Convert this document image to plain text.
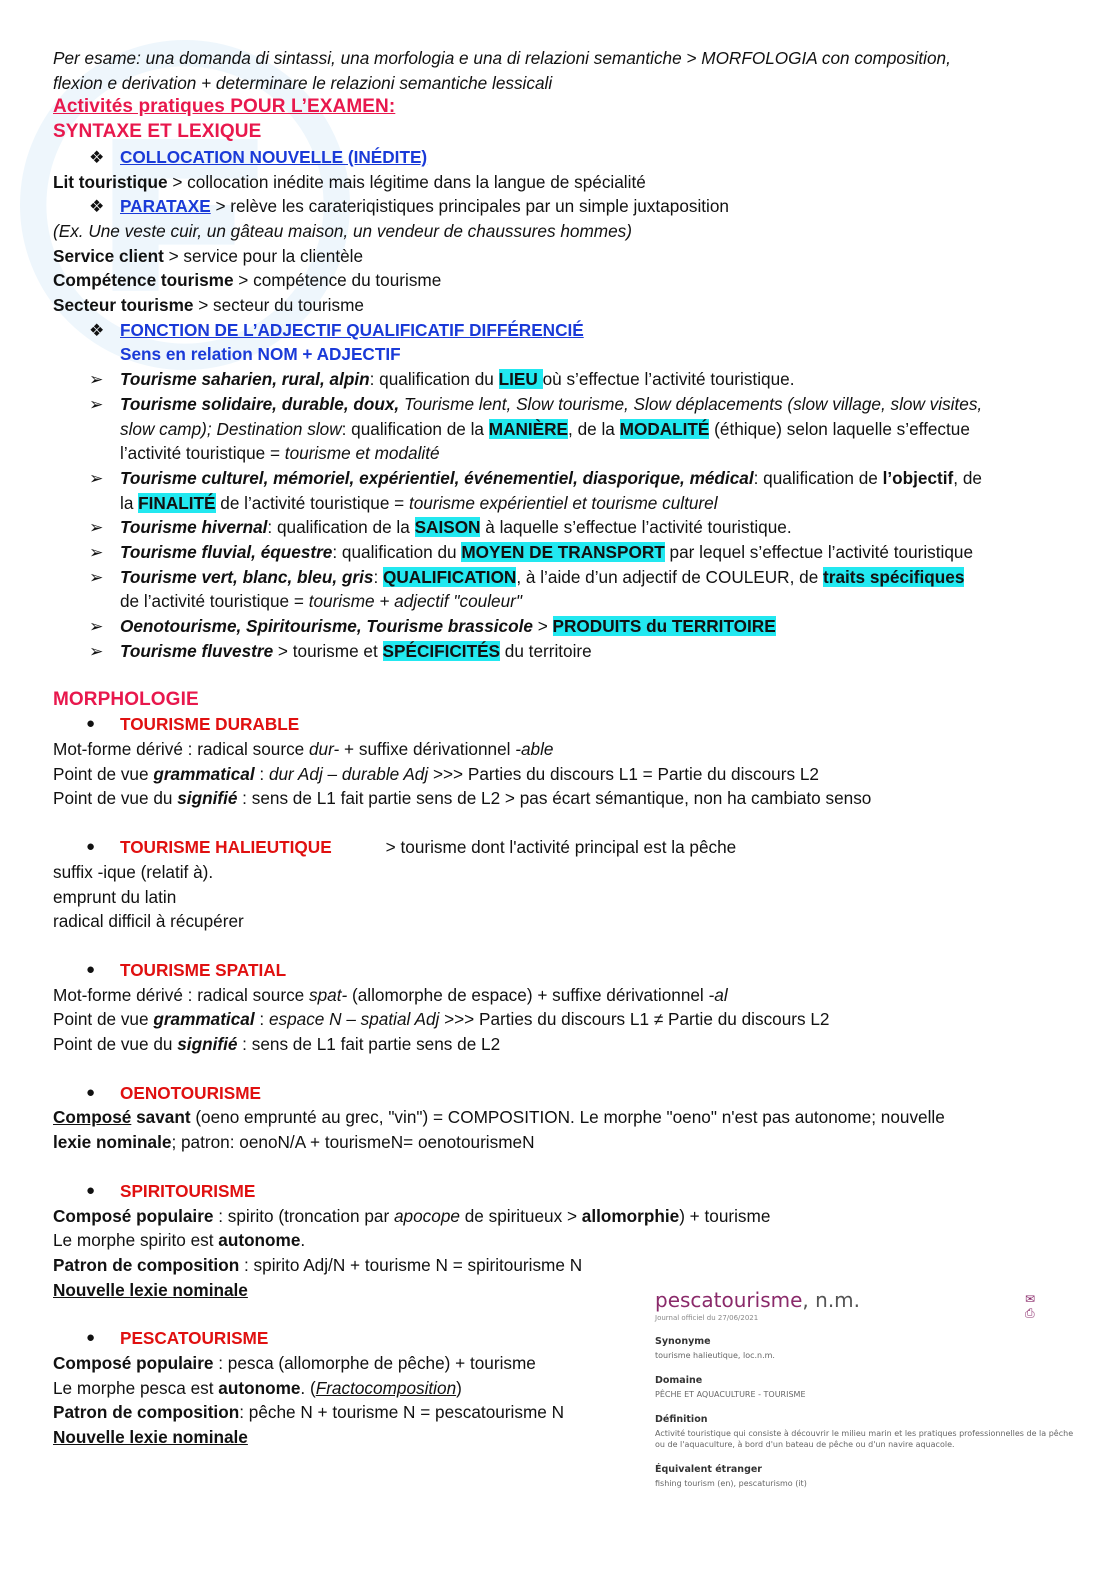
Per esame: una domanda di sintassi, una morfologia e una di relazioni semantiche > MORFOLOGIA con composition,
flexion e derivation + determinare le relazioni semantiche lessicali
Activités pratiques POUR L’EXAMEN:
SYNTAXE ET LEXIQUE
❖ COLLOCATION NOUVELLE (INÉDITE)
Lit touristique > collocation inédite mais légitime dans la langue de spécialité
❖ PARATAXE > relève les carateriqistiques principales par un simple juxtaposition
(Ex. Une veste cuir, un gâteau maison, un vendeur de chaussures hommes)
Service client > service pour la clientèle
Compétence tourisme > compétence du tourisme
Secteur tourisme > secteur du tourisme
❖ FONCTION DE L’ADJECTIF QUALIFICATIF DIFFÉRENCIÉ
Sens en relation NOM + ADJECTIF
➢ Tourisme saharien, rural, alpin: qualification du LIEU où s’effectue l’activité touristique.
➢ Tourisme solidaire, durable, doux, Tourisme lent, Slow tourisme, Slow déplacements (slow village, slow visites,
slow camp); Destination slow: qualification de la MANIÈRE, de la MODALITÉ (éthique) selon laquelle s’effectue
l’activité touristique = tourisme et modalité
➢ Tourisme culturel, mémoriel, expérientiel, événementiel, diasporique, médical: qualification de l’objectif, de
la FINALITÉ de l’activité touristique = tourisme expérientiel et tourisme culturel
➢ Tourisme hivernal: qualification de la SAISON à laquelle s’effectue l’activité touristique.
➢ Tourisme fluvial, équestre: qualification du MOYEN DE TRANSPORT par lequel s’effectue l’activité touristique
➢ Tourisme vert, blanc, bleu, gris: QUALIFICATION, à l’aide d’un adjectif de COULEUR, de traits spécifiques
de l’activité touristique = tourisme + adjectif "couleur"
➢ Oenotourisme, Spiritourisme, Tourisme brassicole > PRODUITS du TERRITOIRE
➢ Tourisme fluvestre > tourisme et SPÉCIFICITÉS du territoire
MORPHOLOGIE
● TOURISME DURABLE
Mot-forme dérivé : radical source dur- + suffixe dérivationnel -able
Point de vue grammatical : dur Adj – durable Adj >>> Parties du discours L1 = Partie du discours L2
Point de vue du signifié : sens de L1 fait partie sens de L2 > pas écart sémantique, non ha cambiato senso
● TOURISME HALIEUTIQUE	> tourisme dont l'activité principal est la pêche
suffix -ique (relatif à).
emprunt du latin
radical difficil à récupérer
● TOURISME SPATIAL
Mot-forme dérivé : radical source spat- (allomorphe de espace) + suffixe dérivationnel -al
Point de vue grammatical : espace N – spatial Adj >>> Parties du discours L1 ≠ Partie du discours L2
Point de vue du signifié : sens de L1 fait partie sens de L2
● OENOTOURISME
Composé savant (oeno emprunté au grec, "vin") = COMPOSITION. Le morphe "oeno" n'est pas autonome; nouvelle
lexie nominale; patron: oenoN/A + tourismeN= oenotourismeN
● SPIRITOURISME
Composé populaire : spirito (troncation par apocope de spiritueux > allomorphie) + tourisme
Le morphe spirito est autonome.
Patron de composition : spirito Adj/N + tourisme N = spiritourisme N
Nouvelle lexie nominale
● PESCATOURISME
Composé populaire : pesca (allomorphe de pêche) + tourisme
Le morphe pesca est autonome. (Fractocomposition)
Patron de composition: pêche N + tourisme N = pescatourisme N
Nouvelle lexie nominale
pescatourisme, n.m.	✉ ⎙
Journal officiel du 27/06/2021
Synonyme
tourisme halieutique, loc.n.m.
Domaine
PÊCHE ET AQUACULTURE - TOURISME
Définition
Activité touristique qui consiste à découvrir le milieu marin et les pratiques professionnelles de la pêche ou de l'aquaculture, à bord d'un bateau de pêche ou d'un navire aquacole.
Équivalent étranger
fishing tourism (en), pescaturismo (it)
